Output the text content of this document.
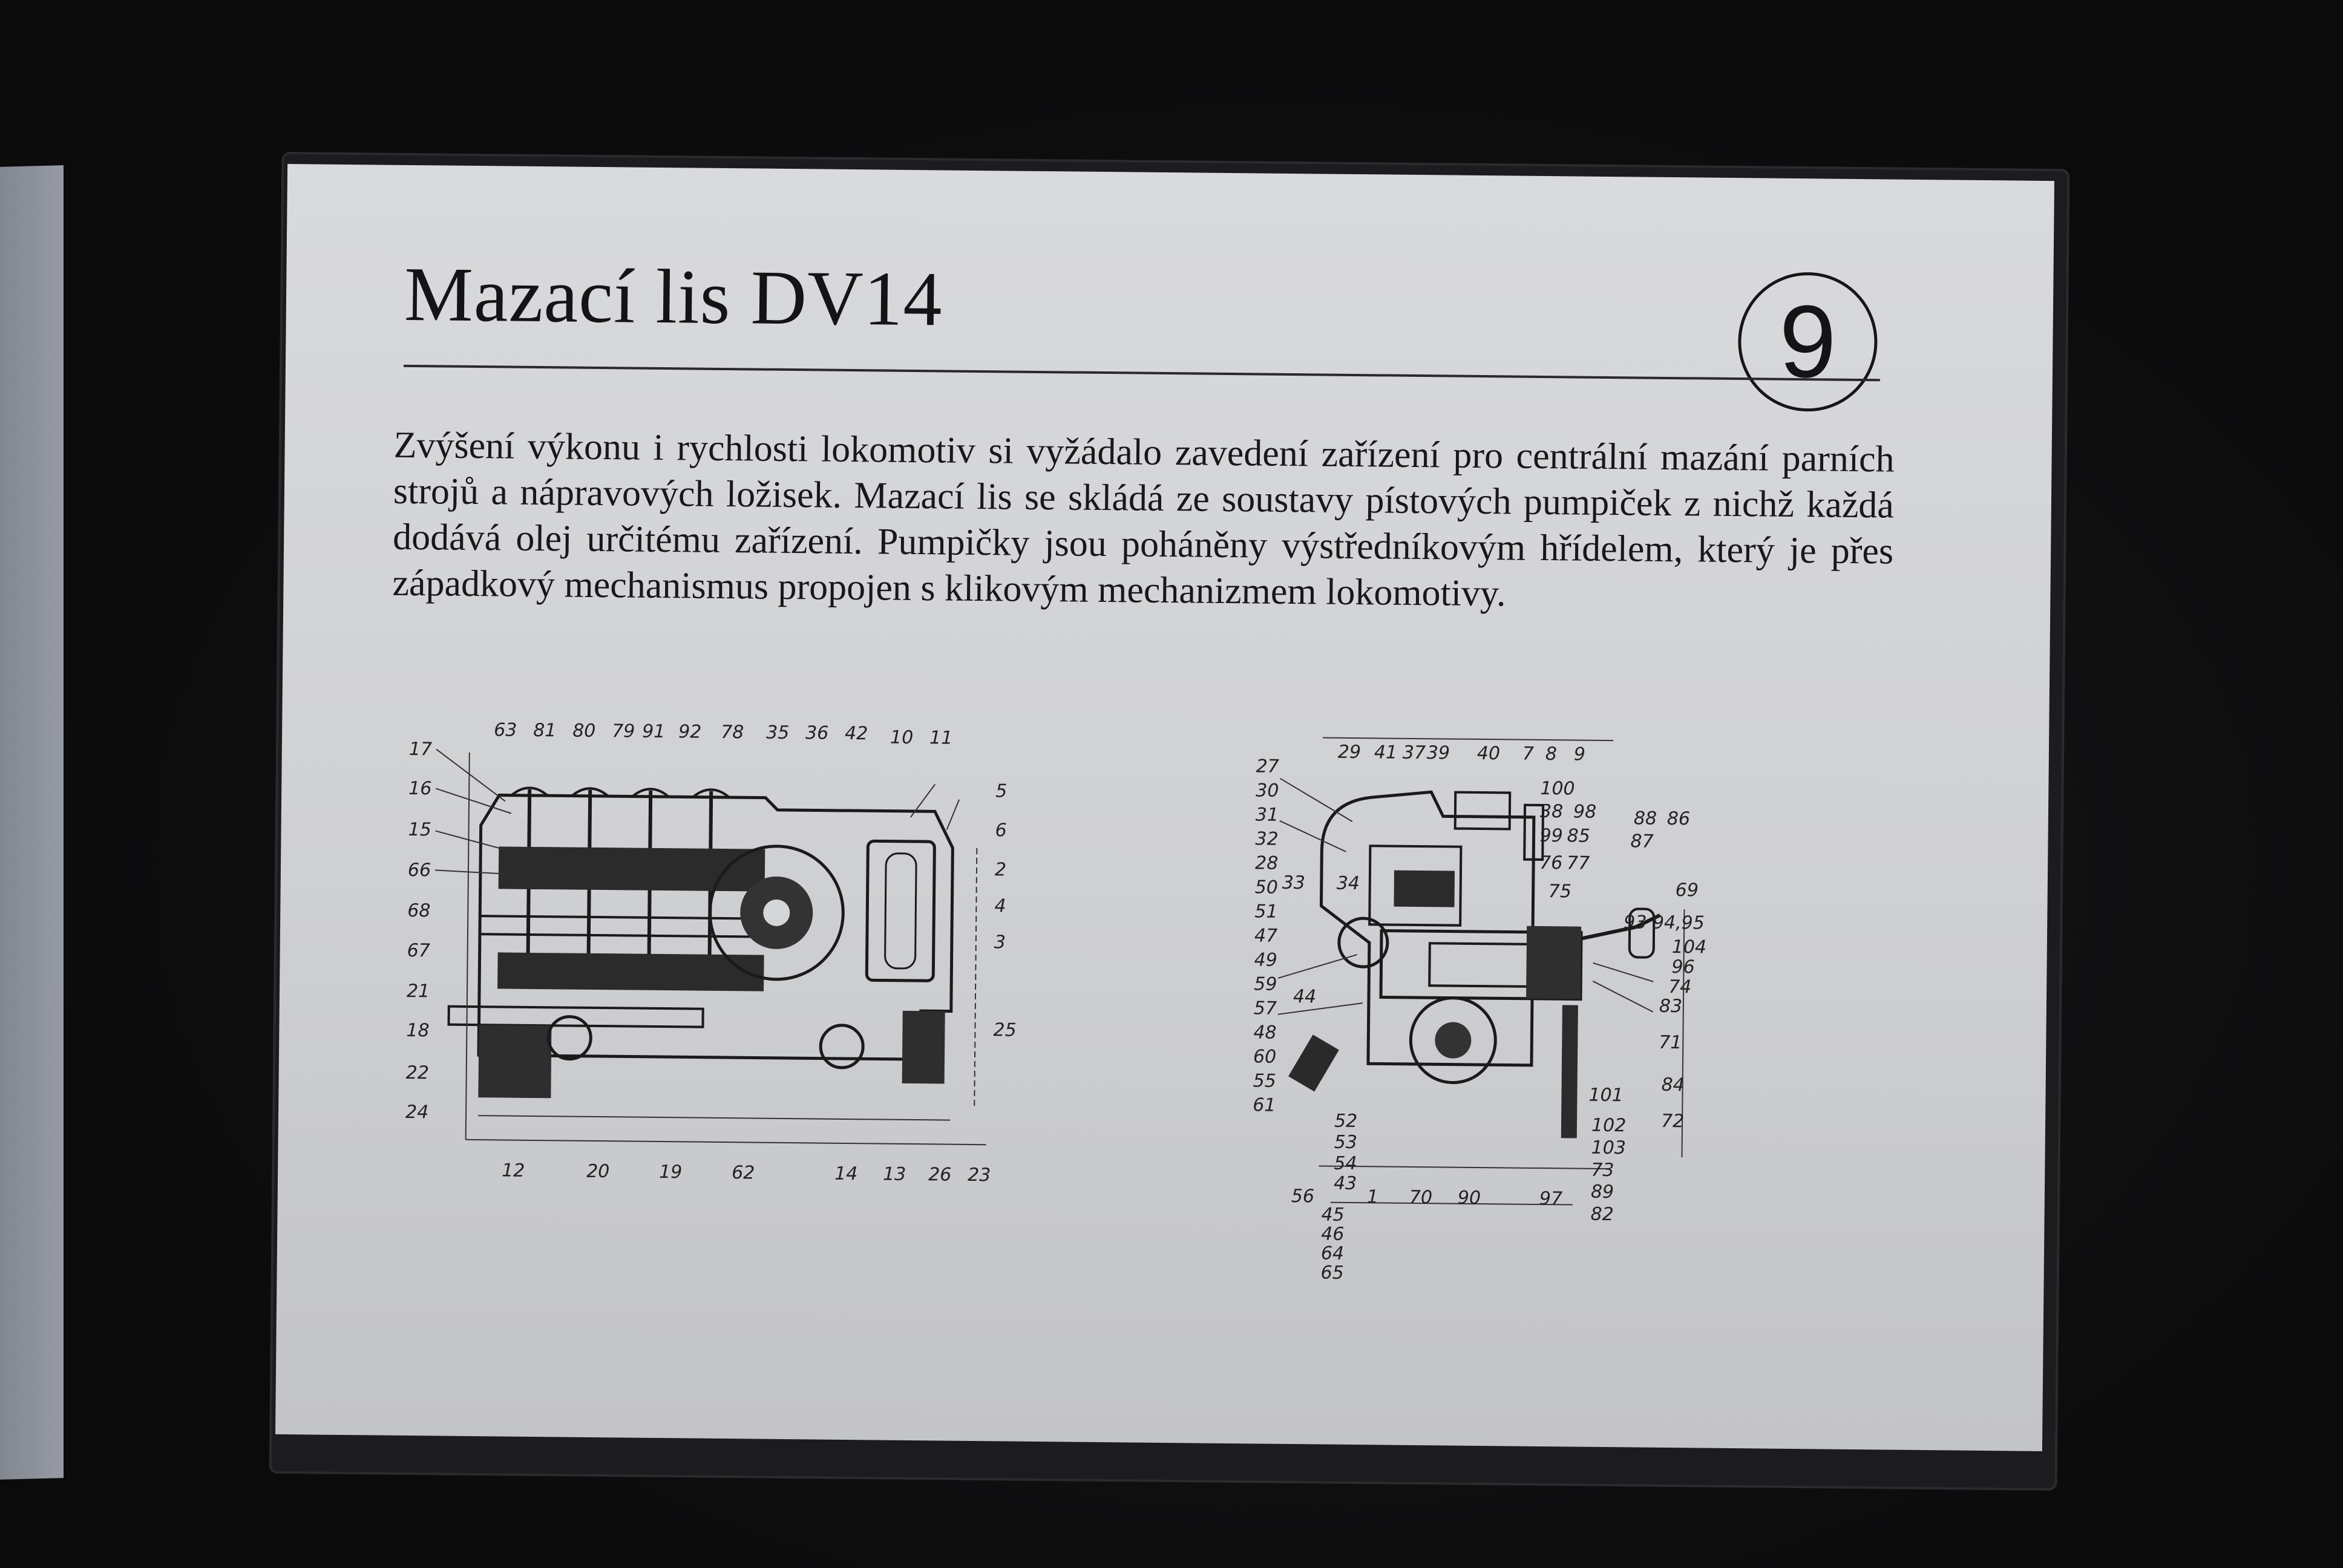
Mazací lis DV14	9
Zvýšení výkonu i rychlosti lokomotiv si vyžádalo zavedení zařízení pro centrální mazání parních strojů a nápravových ložisek. Mazací lis se skládá ze soustavy pístových pumpiček z nichž každá dodává olej určitému zařízení. Pumpičky jsou poháněny výstředníkovým hřídelem, který je přes západkový mechanismus propojen s klikovým mechanizmem lokomotivy.
63 81 80 79 91 92 78 35 36 42 10 11
17
16
15
66
68
67
21
18
22
24
5
6
2
4
3
25
12	20	19	62	14 13 26 23
29 41 37 39 40 7 8 9
27
30
31
32
28
50
51
47
49
59
57
48
60
55
61
33 34
44
100
38 98
99 85
76 77
75
88
87
86
69
93 94,95
104
96
74
83
71
84
72
101
102
103
73
89
82
52
53
54
43
56
45
46
64
65
1 70 90	97
